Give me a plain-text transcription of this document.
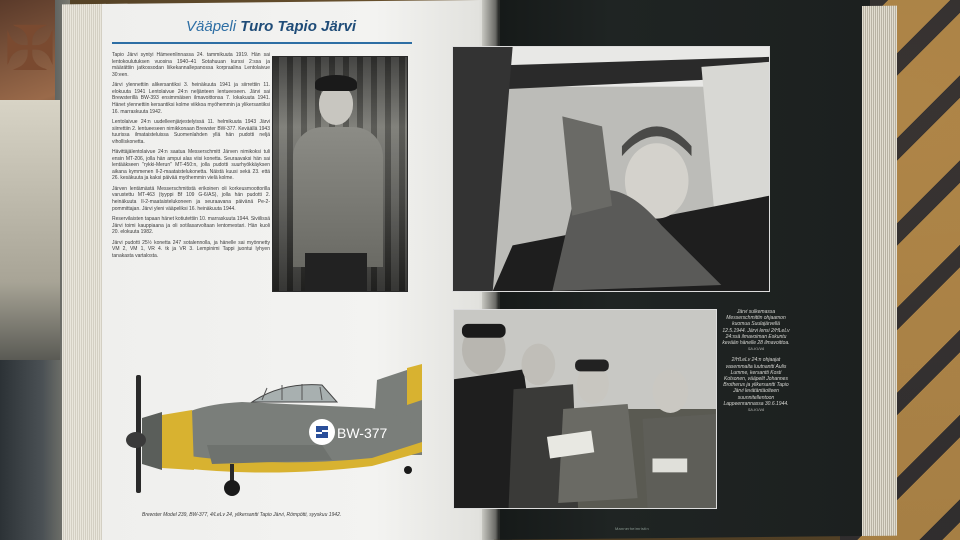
✠	Vääpeli Turo Tapio Järvi

Tapio Järvi syntyi Hämeenlinnassa 24. tammikuuta 1919. Hän sai lentokoulutuksen vuosina 1940–41 Sotahuuan kurssi 2:ssa ja määrättiin jatkossodan liikekannallepanossa korpraalina Lentolaivue 30:een.

Järvi ylennettiin alikersantiksi 3. heinäkuuta 1941 ja siirrettiin 11. elokuuta 1941 Lentolaivue 24:n neljänteen lentueeseen. Järvi sai Brewsterillä BW-393 ensimmäisen ilmavoittonsa 7. lokakuuta 1941. Hänet ylennettiin kersantiksi kolme viikkoa myöhemmin ja ylikersantiksi 16. marraskuuta 1942.

Lentolaivue 24:n uudelleenjärjestelyissä 11. helmikuuta 1943 Järvi siirrettiin 2. lentueeseen nimikkonaan Brewster BW-377. Keväällä 1943 tuurissa ilmataisteluissa Suomenlahden yllä hän pudotti neljä viholliskonetta.

Hävittäjälentolaivue 24:n saatua Messerschmitt Järven nimikoksi tuli ensin MT-206, jolla hän ampui alas viisi konetta. Seuraavaksi hän sai lentääkseen "rykki-Merun" MT-450:n, jolla pudotti suurhyökkäyksen aikana kymmenen Il-2-maataistelukonetta. Näistä kuusi sekä 23. että 26. kesäkuuta ja kaksi päivää myöhemmin vielä kolme.

Järven lentämästä Messerschmitistä erikoinen oli korkeusmoottorilla varustettu MT-463 (tyyppi Bf 109 G-6/AS), jolla hän pudotti 2. heinäkuuta Il-2-maataistelukoneen ja seuraavana päivänä Pe-2-pommittajan. Järvi yleni vääpeliksi 16. heinäkuuta 1944.

Reservilaisten tapaan hänet kotiutettiin 10. marraskuuta 1944. Siviilissä Järvi toimi kauppiaana ja oli sotilasarvoltaan lentomestari. Hän kuoli 20. elokuuta 1982.

Järvi pudotti 25½ konetta 247 sotalennolla, ja hänelle sai myönnetty VM 2, VM 1, VR 4. tk ja VR 3. Lempinimi Tappi juontui lyhyen tanakasta vartalosta.

BW-377
Brewster Model 239, BW-377, 4/LeLv 24, ylikersantti Tapio Järvi, Römpötti, syyskuu 1942.

Järvi sulkemassa Messerschmittin ohjaamon kuomua Suulajärvellä 12.5.1944. Järvi lensi 2/HLeLv 24:ssä ilmavoiman Eskuntu kevään hänelle 28 ilmavoittoa. SA-KUVA

2/HLeLv 24:n ohjaajat vasemmalta luutnantti Aulis Lumme, kersantti Kosti Kolsonen, vääpelit Johannes Brotherus ja ylikersantti Tapio Järvi levätäntäolteen suunnitellentoon Lappeenrannassa 30.6.1944. SA-KUVA

Mannerheimristin
